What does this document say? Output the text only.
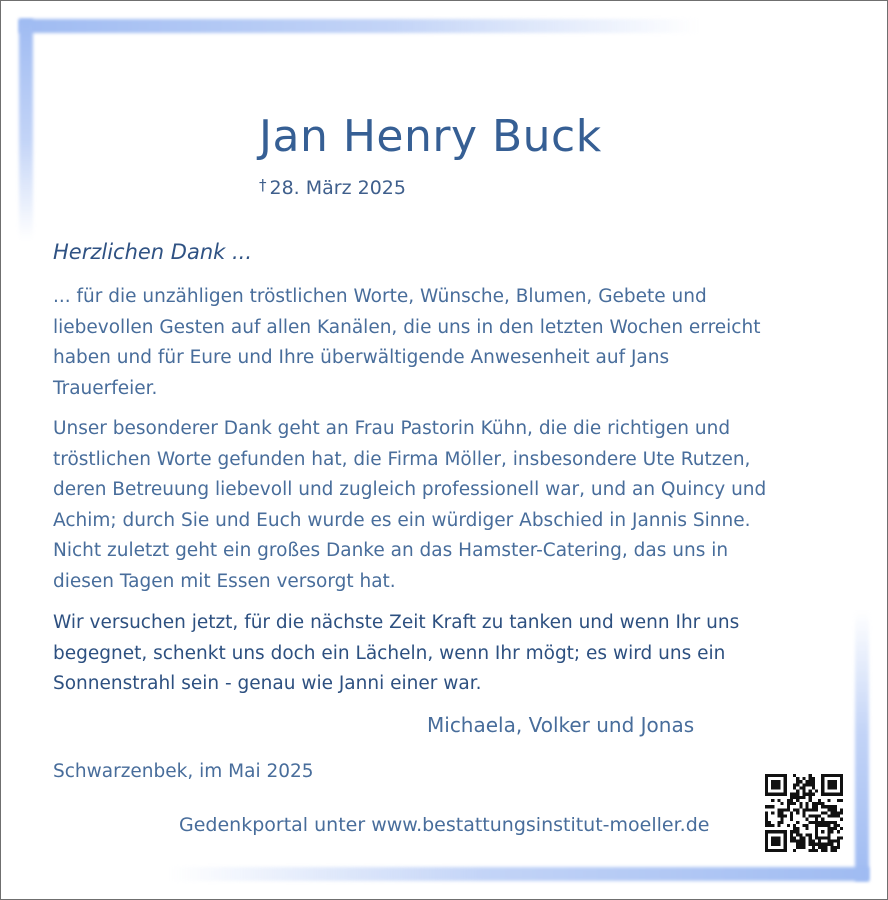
Jan Henry Buck
† 28. März 2025
Herzlichen Dank ...
... für die unzähligen tröstlichen Worte, Wünsche, Blumen, Gebete und
liebevollen Gesten auf allen Kanälen, die uns in den letzten Wochen erreicht
haben und für Eure und Ihre überwältigende Anwesenheit auf Jans
Trauerfeier.
Unser besonderer Dank geht an Frau Pastorin Kühn, die die richtigen und
tröstlichen Worte gefunden hat, die Firma Möller, insbesondere Ute Rutzen,
deren Betreuung liebevoll und zugleich professionell war, und an Quincy und
Achim; durch Sie und Euch wurde es ein würdiger Abschied in Jannis Sinne.
Nicht zuletzt geht ein großes Danke an das Hamster-Catering, das uns in
diesen Tagen mit Essen versorgt hat.
Wir versuchen jetzt, für die nächste Zeit Kraft zu tanken und wenn Ihr uns
begegnet, schenkt uns doch ein Lächeln, wenn Ihr mögt; es wird uns ein
Sonnenstrahl sein - genau wie Janni einer war.
Michaela, Volker und Jonas
Schwarzenbek, im Mai 2025
Gedenkportal unter www.bestattungsinstitut-moeller.de
